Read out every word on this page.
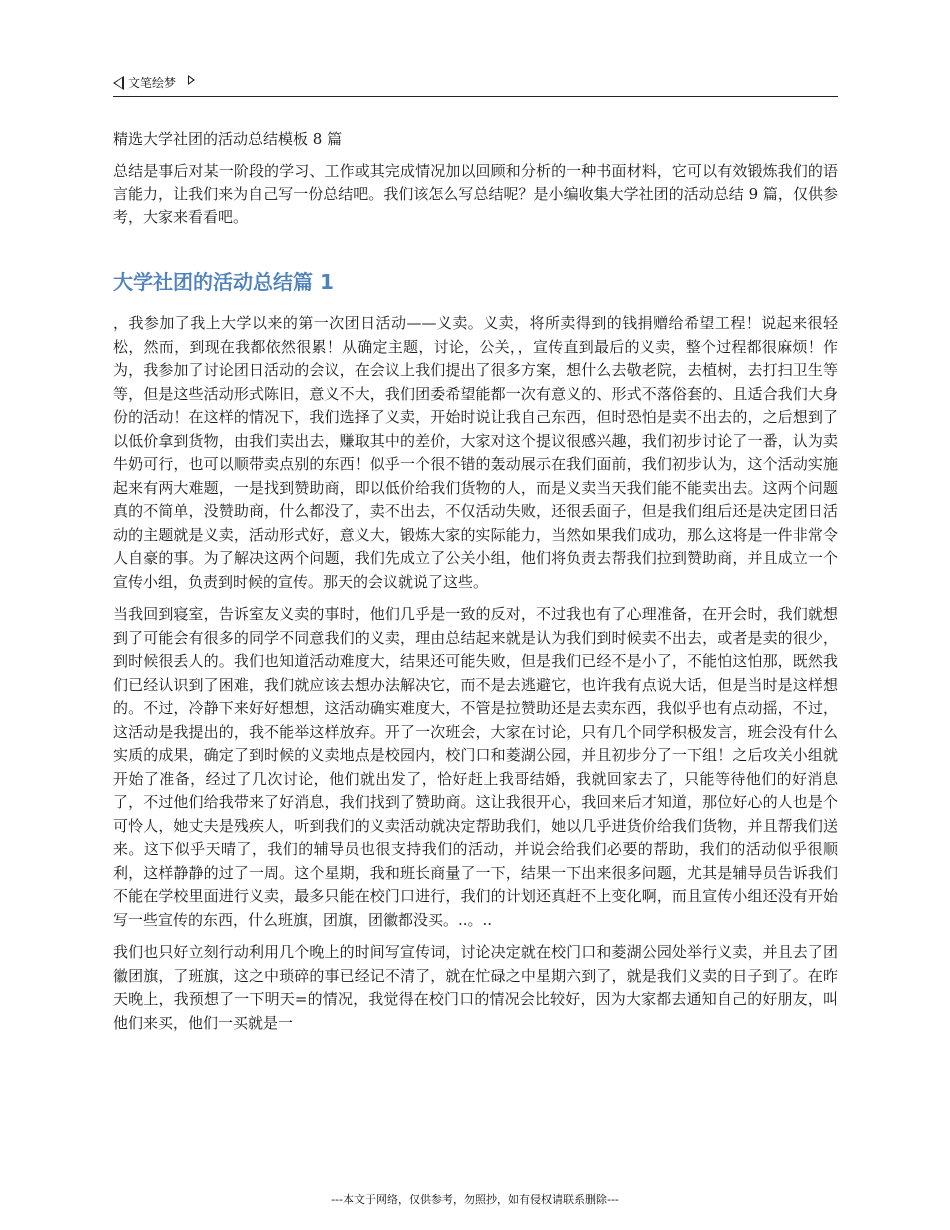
文笔绘梦
精选大学社团的活动总结模板 8 篇
总结是事后对某一阶段的学习、工作或其完成情况加以回顾和分析的一种书面材料，它可以有效锻炼我们的语言能力，让我们来为自己写一份总结吧。我们该怎么写总结呢？是小编收集大学社团的活动总结 9 篇，仅供参考，大家来看看吧。
大学社团的活动总结篇 1

，我参加了我上大学以来的第一次团日活动——义卖。义卖，将所卖得到的钱捐赠给希望工程！说起来很轻松，然而，到现在我都依然很累！从确定主题，讨论，公关，，宣传直到最后的义卖，整个过程都很麻烦！作为，我参加了讨论团日活动的会议，在会议上我们提出了很多方案，想什么去敬老院，去植树，去打扫卫生等等，但是这些活动形式陈旧，意义不大，我们团委希望能都一次有意义的、形式不落俗套的、且适合我们大身份的活动！在这样的情况下，我们选择了义卖，开始时说让我自己东西，但时恐怕是卖不出去的，之后想到了以低价拿到货物，由我们卖出去，赚取其中的差价，大家对这个提议很感兴趣，我们初步讨论了一番，认为卖牛奶可行，也可以顺带卖点别的东西！似乎一个很不错的轰动展示在我们面前，我们初步认为，这个活动实施起来有两大难题，一是找到赞助商，即以低价给我们货物的人，而是义卖当天我们能不能卖出去。这两个问题真的不简单，没赞助商，什么都没了，卖不出去，不仅活动失败，还很丢面子，但是我们组后还是决定团日活动的主题就是义卖，活动形式好，意义大，锻炼大家的实际能力，当然如果我们成功，那么这将是一件非常令人自豪的事。为了解决这两个问题，我们先成立了公关小组，他们将负责去帮我们拉到赞助商，并且成立一个宣传小组，负责到时候的宣传。那天的会议就说了这些。

当我回到寝室，告诉室友义卖的事时，他们几乎是一致的反对，不过我也有了心理准备，在开会时，我们就想到了可能会有很多的同学不同意我们的义卖，理由总结起来就是认为我们到时候卖不出去，或者是卖的很少，到时候很丢人的。我们也知道活动难度大，结果还可能失败，但是我们已经不是小了，不能怕这怕那，既然我们已经认识到了困难，我们就应该去想办法解决它，而不是去逃避它，也许我有点说大话，但是当时是这样想的。不过，冷静下来好好想想，这活动确实难度大，不管是拉赞助还是去卖东西，我似乎也有点动摇，不过，这活动是我提出的，我不能举这样放弃。开了一次班会，大家在讨论，只有几个同学积极发言，班会没有什么实质的成果，确定了到时候的义卖地点是校园内，校门口和菱湖公园，并且初步分了一下组！之后攻关小组就开始了准备，经过了几次讨论，他们就出发了，恰好赶上我哥结婚，我就回家去了，只能等待他们的好消息了，不过他们给我带来了好消息，我们找到了赞助商。这让我很开心，我回来后才知道，那位好心的人也是个可怜人，她丈夫是残疾人，听到我们的义卖活动就决定帮助我们，她以几乎进货价给我们货物，并且帮我们送来。这下似乎天晴了，我们的辅导员也很支持我们的活动，并说会给我们必要的帮助，我们的活动似乎很顺利，这样静静的过了一周。这个星期，我和班长商量了一下，结果一下出来很多问题，尤其是辅导员告诉我们不能在学校里面进行义卖，最多只能在校门口进行，我们的计划还真赶不上变化啊，而且宣传小组还没有开始写一些宣传的东西，什么班旗，团旗，团徽都没买。..。..

我们也只好立刻行动利用几个晚上的时间写宣传词，讨论决定就在校门口和菱湖公园处举行义卖，并且去了团徽团旗，了班旗，这之中琐碎的事已经记不清了，就在忙碌之中星期六到了，就是我们义卖的日子到了。在昨天晚上，我预想了一下明天=的情况，我觉得在校门口的情况会比较好，因为大家都去通知自己的好朋友，叫他们来买，他们一买就是一

---本文于网络，仅供参考，勿照抄，如有侵权请联系删除---
